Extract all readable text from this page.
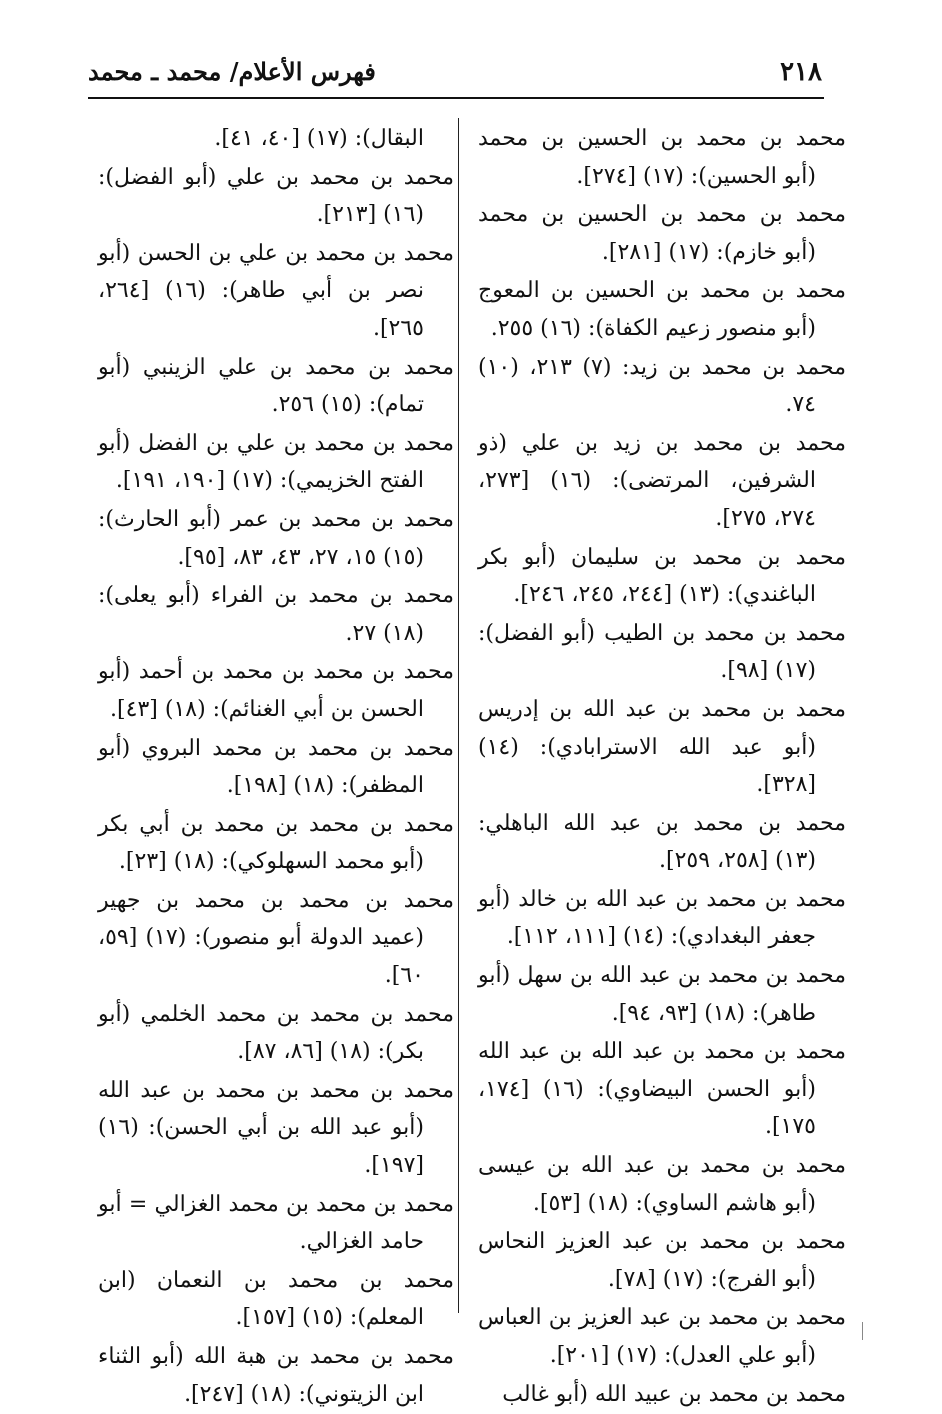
٢١٨
فهرس الأعلام/ محمد ـ محمد

محمد بن محمد بن الحسين بن محمد (أبو الحسين): (١٧) [٢٧٤].

محمد بن محمد بن الحسين بن محمد (أبو خازم): (١٧) [٢٨١].

محمد بن محمد بن الحسين بن المعوج (أبو منصور زعيم الكفاة): (١٦) ٢٥٥.

محمد بن محمد بن زيد: (٧) ٢١٣، (١٠) ٧٤.

محمد بن محمد بن زيد بن علي (ذو الشرفين، المرتضى): (١٦) [٢٧٣، ٢٧٤، ٢٧٥].

محمد بن محمد بن سليمان (أبو بكر الباغندي): (١٣) [٢٤٤، ٢٤٥، ٢٤٦].

محمد بن محمد بن الطيب (أبو الفضل): (١٧) [٩٨].

محمد بن محمد بن عبد الله بن إدريس (أبو عبد الله الاسترابادي): (١٤) [٣٢٨].

محمد بن محمد بن عبد الله الباهلي: (١٣) [٢٥٨، ٢٥٩].

محمد بن محمد بن عبد الله بن خالد (أبو جعفر البغدادي): (١٤) [١١١، ١١٢].

محمد بن محمد بن عبد الله بن سهل (أبو طاهر): (١٨) [٩٣، ٩٤].

محمد بن محمد بن عبد الله بن عبد الله (أبو الحسن البيضاوي): (١٦) [١٧٤، ١٧٥].

محمد بن محمد بن عبد الله بن عيسى (أبو هاشم الساوي): (١٨) [٥٣].

محمد بن محمد بن عبد العزيز النحاس (أبو الفرج): (١٧) [٧٨].

محمد بن محمد بن عبد العزيز بن العباس (أبو علي العدل): (١٧) [٢٠١].

محمد بن محمد بن عبيد الله (أبو غالب

البقال): (١٧) [٤٠، ٤١].

محمد بن محمد بن علي (أبو الفضل): (١٦) [٢١٣].

محمد بن محمد بن علي بن الحسن (أبو نصر بن أبي طاهر): (١٦) [٢٦٤، ٢٦٥].

محمد بن محمد بن علي الزينبي (أبو تمام): (١٥) ٢٥٦.

محمد بن محمد بن علي بن الفضل (أبو الفتح الخزيمي): (١٧) [١٩٠، ١٩١].

محمد بن محمد بن عمر (أبو الحارث): (١٥) ١٥، ٢٧، ٤٣، ٨٣، [٩٥].

محمد بن محمد بن الفراء (أبو يعلى): (١٨) ٢٧.

محمد بن محمد بن محمد بن أحمد (أبو الحسن بن أبي الغنائم): (١٨) [٤٣].

محمد بن محمد بن محمد البروي (أبو المظفر): (١٨) [١٩٨].

محمد بن محمد بن محمد بن أبي بكر (أبو محمد السهلوكي): (١٨) [٢٣].

محمد بن محمد بن محمد بن جهير (عميد الدولة أبو منصور): (١٧) [٥٩، ٦٠].

محمد بن محمد بن محمد الخلمي (أبو بكر): (١٨) [٨٦، ٨٧].

محمد بن محمد بن محمد بن عبد الله (أبو عبد الله بن أبي الحسن): (١٦) [١٩٧].

محمد بن محمد بن محمد الغزالي = أبو حامد الغزالي.

محمد بن محمد بن النعمان (ابن المعلم): (١٥) [١٥٧].

محمد بن محمد بن هبة الله (أبو الثناء ابن الزيتوني): (١٨) [٢٤٧].
